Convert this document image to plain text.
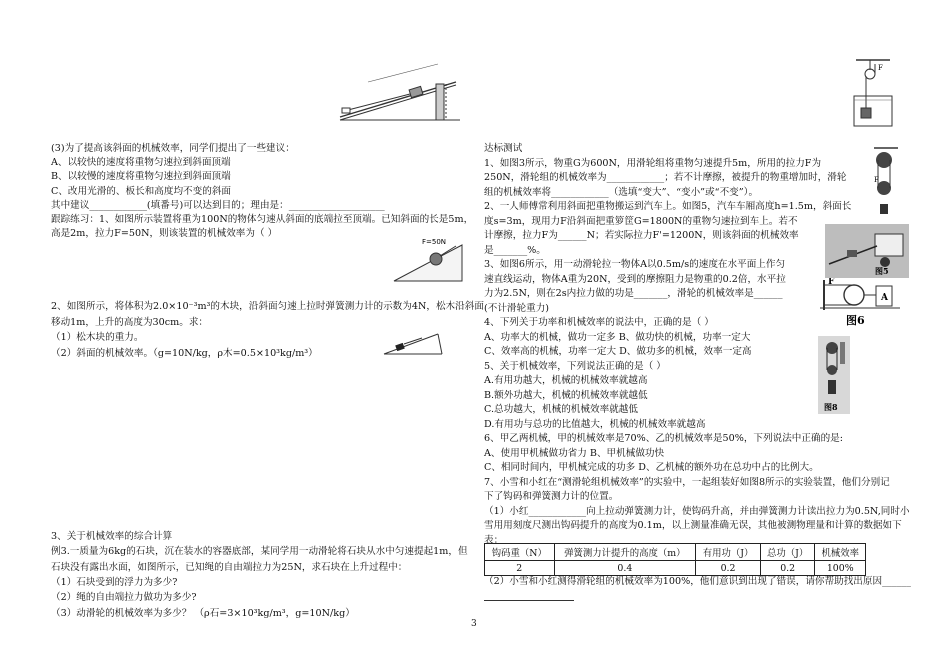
(3)为了提高该斜面的机械效率，同学们提出了一些建议：
A、以较快的速度将重物匀速拉到斜面顶端
B、以较慢的速度将重物匀速拉到斜面顶端
C、改用光滑的、板长和高度均不变的斜面
其中建议____________(填番号)可以达到目的；理由是：____________________
跟踪练习：1、如图所示装置将重为100N的物体匀速从斜面的底端拉至顶端。已知斜面的长是5m，
高是2m，拉力F=50N，则该装置的机械效率为（ ）
F=50N
2、如图所示，将体积为2.0×10⁻³m³的木块，沿斜面匀速上拉时弹簧测力计的示数为4N，松木沿斜面
移动1m，上升的高度为30cm。求：
（1）松木块的重力。
（2）斜面的机械效率。（g=10N/kg，ρ木=0.5×10³kg/m³）
3、关于机械效率的综合计算
例3.一质量为6kg的石块，沉在装水的容器底部，某同学用一动滑轮将石块从水中匀速提起1m，但
石块没有露出水面，如图所示，已知绳的自由端拉力为25N，求石块在上升过程中：
（1）石块受到的浮力为多少?
（2）绳的自由端拉力做功为多少?
（3）动滑轮的机械效率为多少？ （ρ石=3×10³kg/m³，g=10N/kg）
F
F
图5
F
A
图6
图8
达标测试
1、如图3所示，物重G为600N，用滑轮组将重物匀速提升5m，所用的拉力F为
250N，滑轮组的机械效率为____________；若不计摩擦，被提升的物重增加时，滑轮
组的机械效率将____________（选填“变大”、“变小”或“不变”）。
2、一人师傅常利用斜面把重物搬运到汽车上。如图5，汽车车厢高度h=1.5m，斜面长
度s=3m，现用力F沿斜面把重箩筐G=1800N的重物匀速拉到车上。若不
计摩擦，拉力F为______N；若实际拉力F'=1200N，则该斜面的机械效率
是_______%。
3、如图6所示，用一动滑轮拉一物体A以0.5m/s的速度在水平面上作匀
速直线运动，物体A重为20N，受到的摩擦阻力是物重的0.2倍，水平拉
力为2.5N，则在2s内拉力做的功是_______，滑轮的机械效率是______
(不计滑轮重力)
4、下列关于功率和机械效率的说法中，正确的是（ ）
A、功率大的机械，做功一定多 B、做功快的机械，功率一定大
C、效率高的机械，功率一定大 D、做功多的机械，效率一定高
5、关于机械效率，下列说法正确的是（ ）
A.有用功越大，机械的机械效率就越高
B.额外功越大，机械的机械效率就越低
C.总功越大，机械的机械效率就越低
D.有用功与总功的比值越大，机械的机械效率就越高
6、甲乙两机械，甲的机械效率是70%、乙的机械效率是50%，下列说法中正确的是:
A、使用甲机械做功省力 B、甲机械做功快
C、相同时间内，甲机械完成的功多 D、乙机械的额外功在总功中占的比例大。
7、小雪和小红在“测滑轮组机械效率”的实验中，一起组装好如图8所示的实验装置，他们分别记
下了钩码和弹簧测力计的位置。
（1）小红____________向上拉动弹簧测力计，使钩码升高，并由弹簧测力计读出拉力为0.5N,同时小
雪用用刻度尺测出钩码提升的高度为0.1m，以上测量准确无误，其他被测物理量和计算的数据如下
表：
钩码重（N）	弹簧测力计提升的高度（m）	有用功（J）	总功（J）	机械效率
2	0.4	0.2	0.2	100%
（2）小雪和小红测得滑轮组的机械效率为100%，他们意识到出现了错误，请你帮助找出原因______
3
